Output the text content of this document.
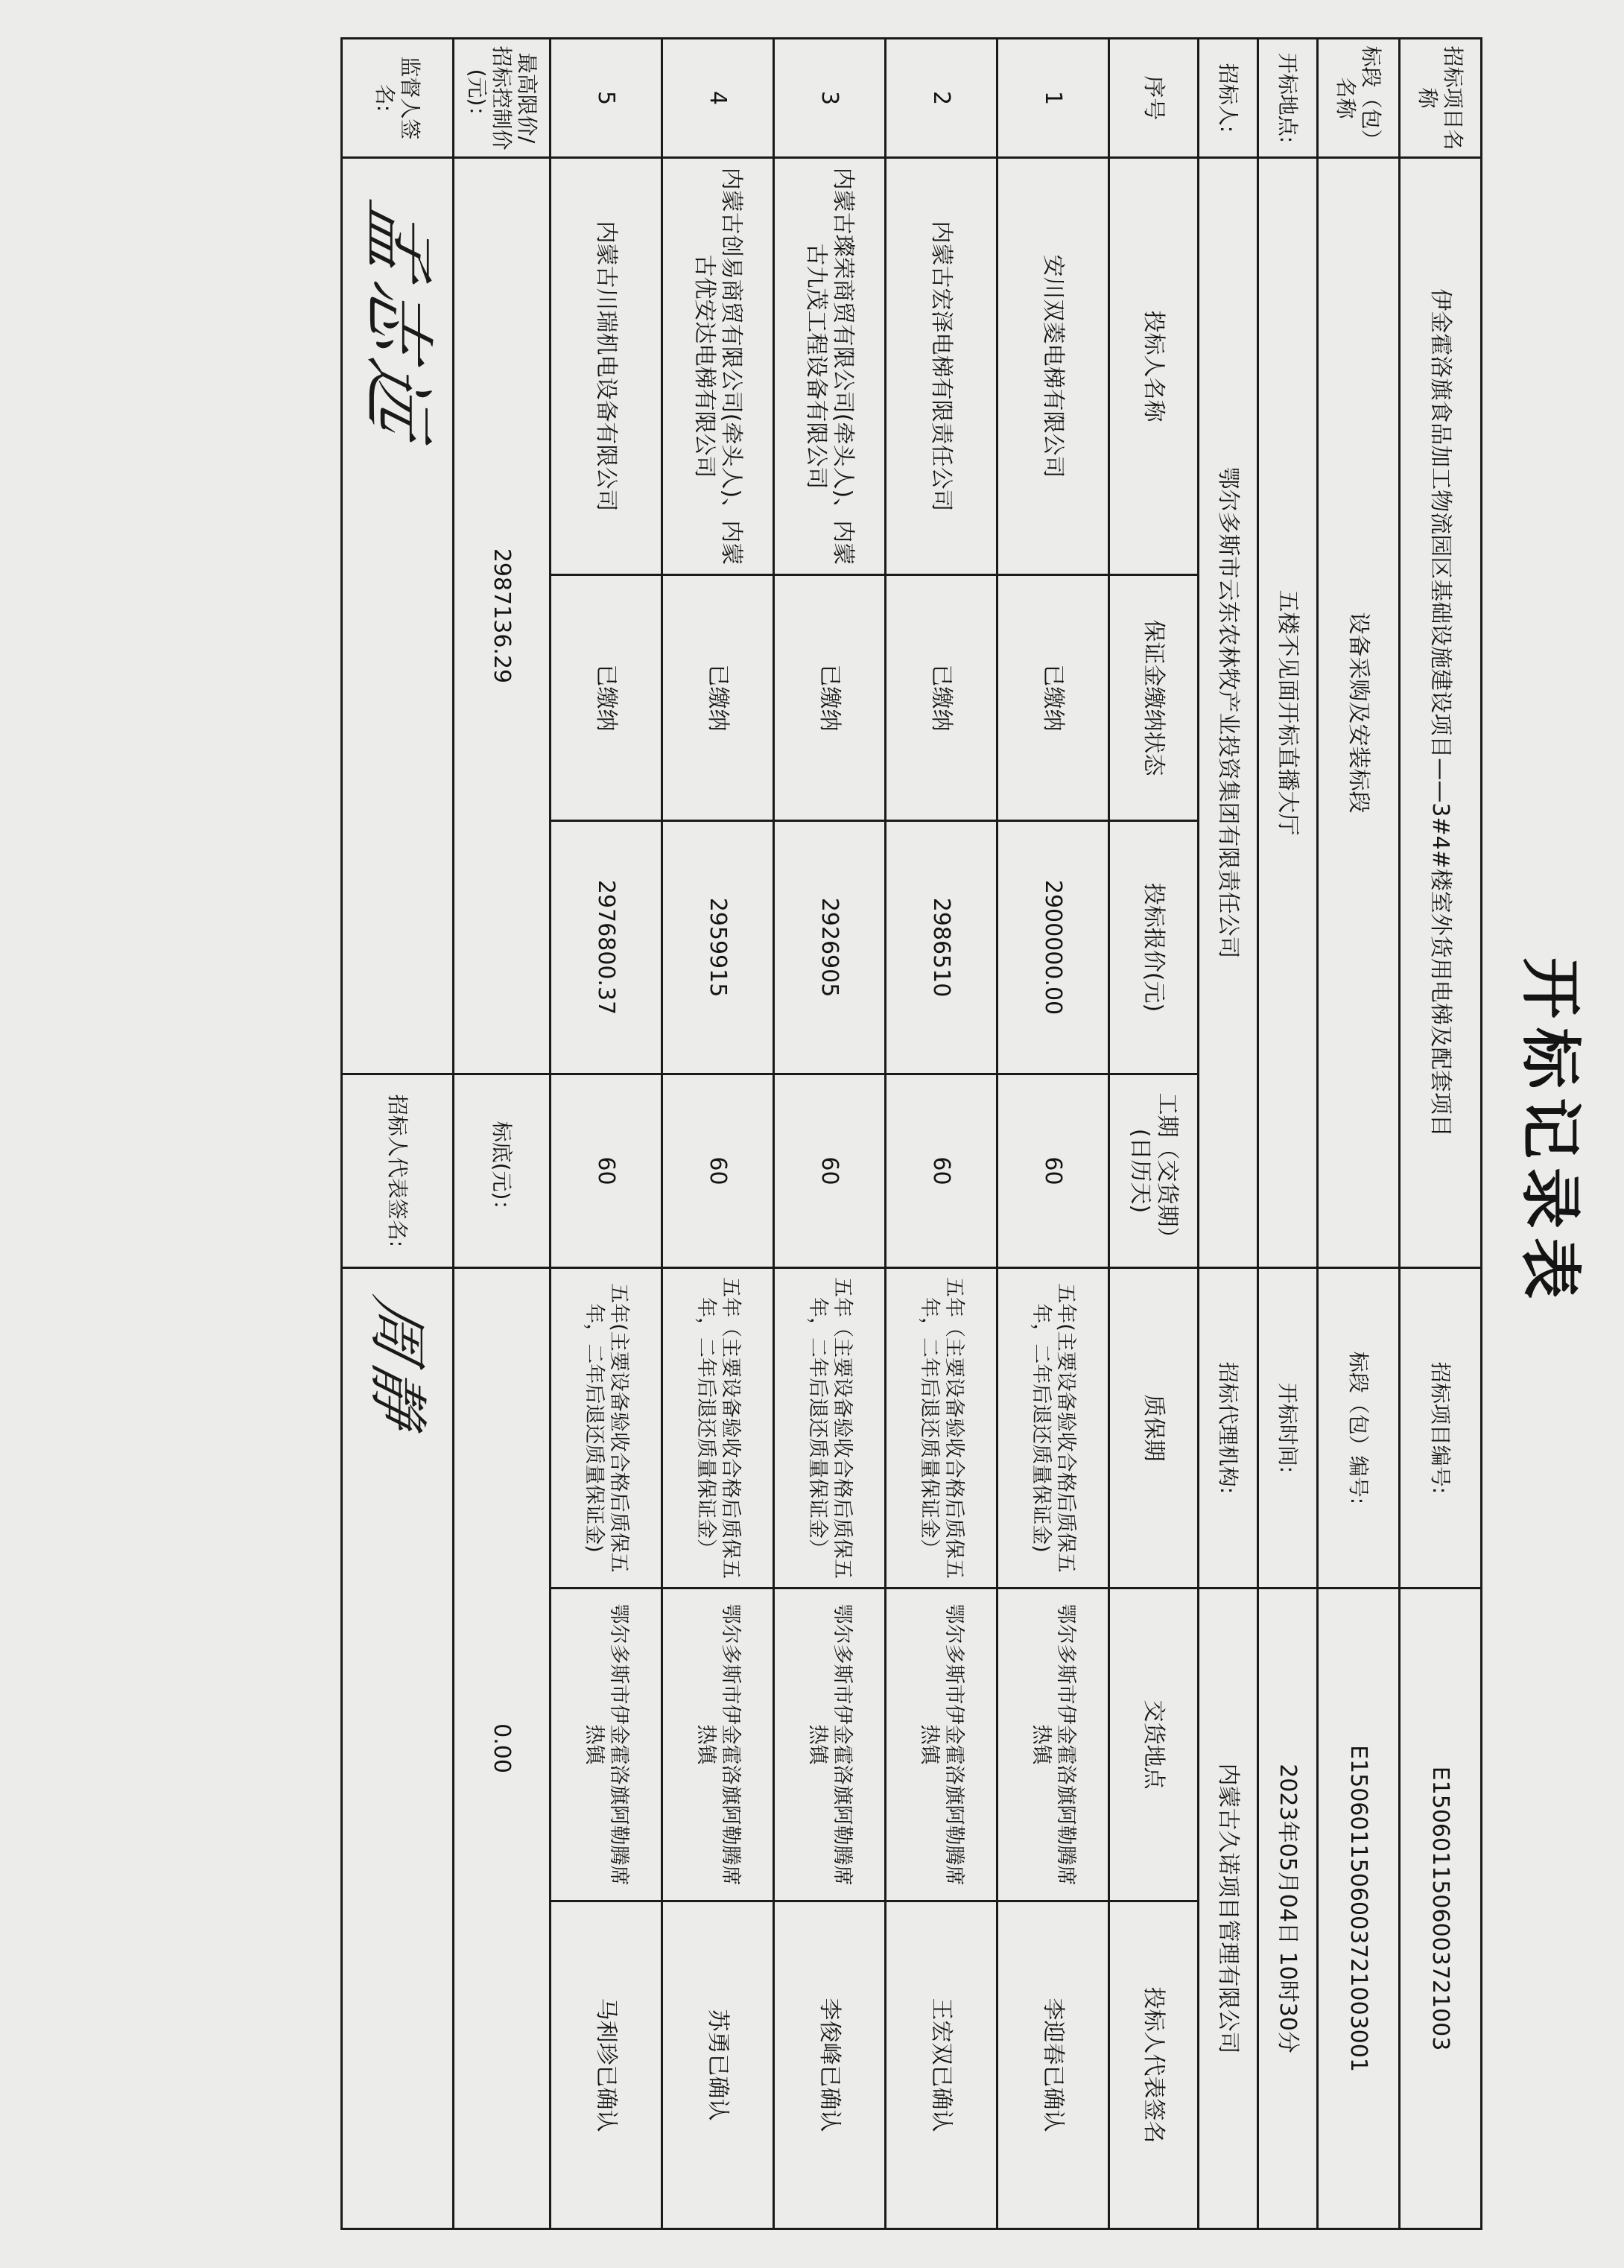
开标记录表
招标项目名称	伊金霍洛旗食品加工物流园区基础设施建设项目——3#4#楼室外货用电梯及配套项目				招标项目编号:	E1506011506003721003	
标段（包）名称	设备采购及安装标段				标段（包）编号:	E1506011506003721003001	
开标地点:	五楼不见面开标直播大厅				开标时间:	2023年05月04日 10时30分	
招标人:	鄂尔多斯市云东农林牧产业投资集团有限责任公司				招标代理机构:	内蒙古久诺项目管理有限公司	
序号	投标人名称	保证金缴纳状态	投标报价(元)	工期（交货期）(日历天)	质保期	交货地点	投标人代表签名
1	安川双菱电梯有限公司	已缴纳	2900000.00	60	五年(主要设备验收合格后质保五年，二年后退还质量保证金)	鄂尔多斯市伊金霍洛旗阿勒腾席热镇	李迎春已确认
2	内蒙古宏泽电梯有限责任公司	已缴纳	2986510	60	五年（主要设备验收合格后质保五年，二年后退还质量保证金）	鄂尔多斯市伊金霍洛旗阿勒腾席热镇	王宏双已确认
3	内蒙古璨荣商贸有限公司(牵头人)、内蒙古九茂工程设备有限公司	已缴纳	2926905	60	五年（主要设备验收合格后质保五年，二年后退还质量保证金）	鄂尔多斯市伊金霍洛旗阿勒腾席热镇	李俊峰已确认
4	内蒙古创易商贸有限公司(牵头人)、内蒙古优安达电梯有限公司	已缴纳	2959915	60	五年（主要设备验收合格后质保五年，二年后退还质量保证金）	鄂尔多斯市伊金霍洛旗阿勒腾席热镇	苏勇已确认
5	内蒙古川瑞机电设备有限公司	已缴纳	2976800.37	60	五年(主要设备验收合格后质保五年，二年后退还质量保证金)	鄂尔多斯市伊金霍洛旗阿勒腾席热镇	马利珍已确认
最高限价/招标控制价(元)：	2987136.29			标底(元)：	0.00		
监督人签名:	孟志远			招标人代表签名:	周静		
